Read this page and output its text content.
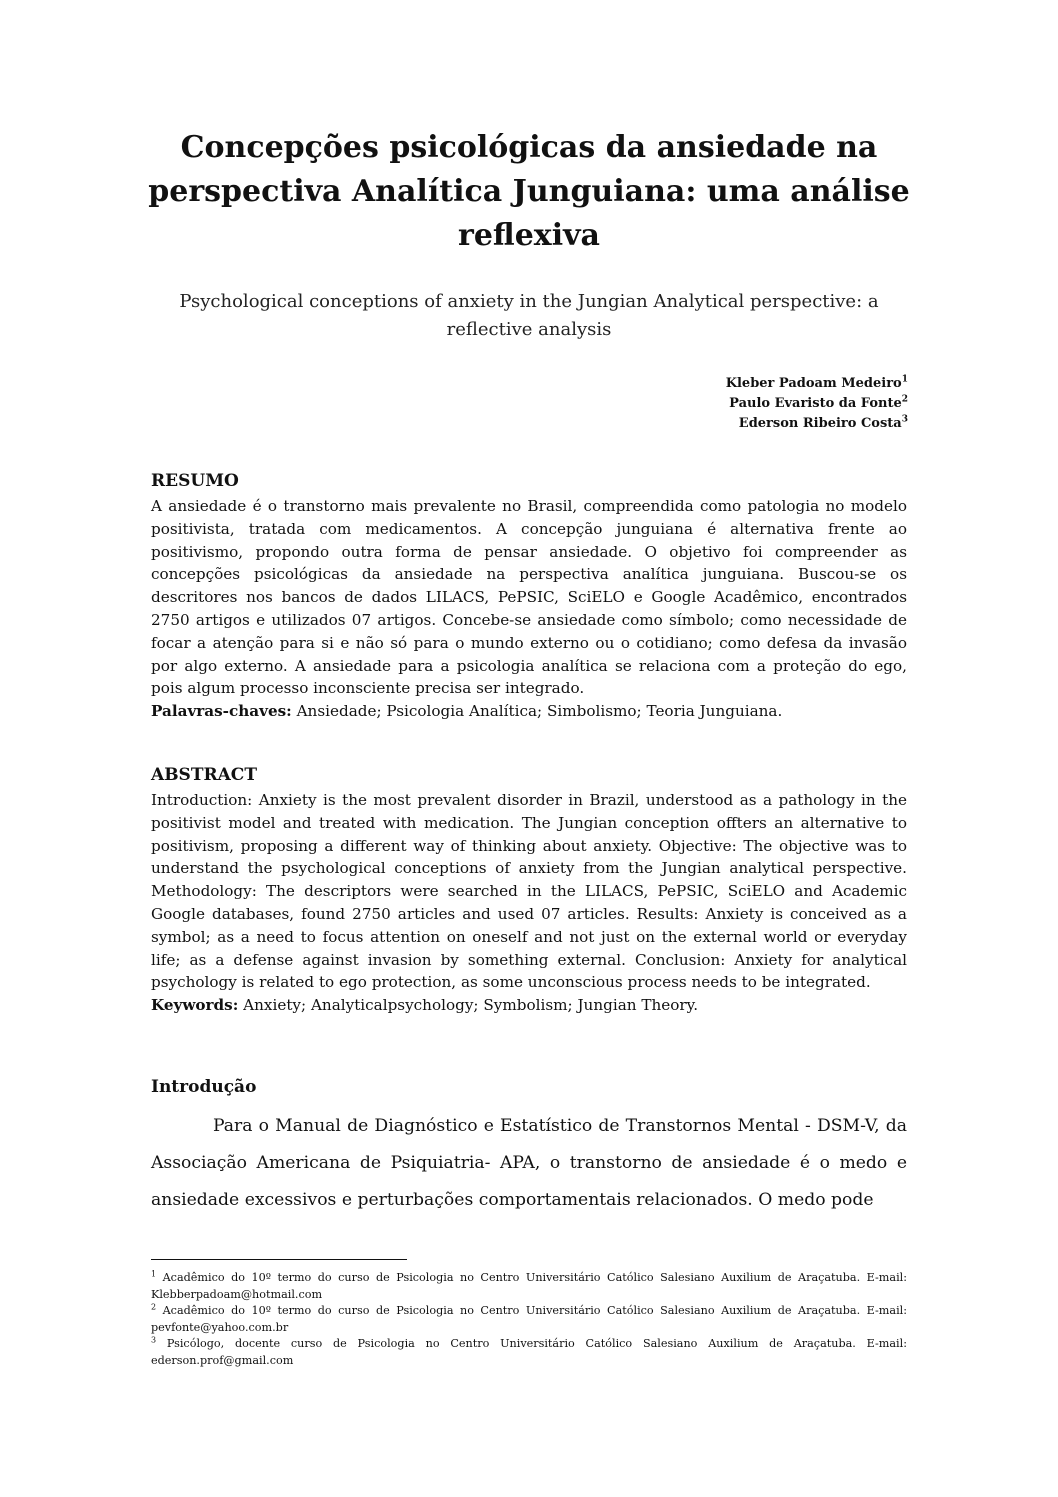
Concepções psicológicas da ansiedade na perspectiva Analítica Junguiana: uma análise reflexiva

Psychological conceptions of anxiety in the Jungian Analytical perspective: a reflective analysis

Kleber Padoam Medeiro$^1$
Paulo Evaristo da Fonte$^2$
Ederson Ribeiro Costa$^3$
RESUMO

A ansiedade é o transtorno mais prevalente no Brasil, compreendida como patologia no modelo positivista, tratada com medicamentos. A concepção junguiana é alternativa frente ao positivismo, propondo outra forma de pensar ansiedade. O objetivo foi compreender as concepções psicológicas da ansiedade na perspectiva analítica junguiana. Buscou-se os descritores nos bancos de dados LILACS, PePSIC, SciELO e Google Acadêmico, encontrados 2750 artigos e utilizados 07 artigos. Concebe-se ansiedade como símbolo; como necessidade de focar a atenção para si e não só para o mundo externo ou o cotidiano; como defesa da invasão por algo externo. A ansiedade para a psicologia analítica se relaciona com a proteção do ego, pois algum processo inconsciente precisa ser integrado.

Palavras-chaves: Ansiedade; Psicologia Analítica; Simbolismo; Teoria Junguiana.

ABSTRACT

Introduction: Anxiety is the most prevalent disorder in Brazil, understood as a pathology in the positivist model and treated with medication. The Jungian conception offters an alternative to positivism, proposing a different way of thinking about anxiety. Objective: The objective was to understand the psychological conceptions of anxiety from the Jungian analytical perspective. Methodology: The descriptors were searched in the LILACS, PePSIC, SciELO and Academic Google databases, found 2750 articles and used 07 articles. Results: Anxiety is conceived as a symbol; as a need to focus attention on oneself and not just on the external world or everyday life; as a defense against invasion by something external. Conclusion: Anxiety for analytical psychology is related to ego protection, as some unconscious process needs to be integrated.

Keywords: Anxiety; Analyticalpsychology; Symbolism; Jungian Theory.

Introdução

Para o Manual de Diagnóstico e Estatístico de Transtornos Mental - DSM-V, da Associação Americana de Psiquiatria- APA, o transtorno de ansiedade é o medo e ansiedade excessivos e perturbações comportamentais relacionados. O medo pode

$^1$ Acadêmico do 10º termo do curso de Psicologia no Centro Universitário Católico Salesiano Auxilium de Araçatuba. E-mail: Klebberpadoam@hotmail.com

$^2$ Acadêmico do 10º termo do curso de Psicologia no Centro Universitário Católico Salesiano Auxilium de Araçatuba. E-mail: pevfonte@yahoo.com.br

$^3$ Psicólogo, docente curso de Psicologia no Centro Universitário Católico Salesiano Auxilium de Araçatuba. E-mail: ederson.prof@gmail.com
